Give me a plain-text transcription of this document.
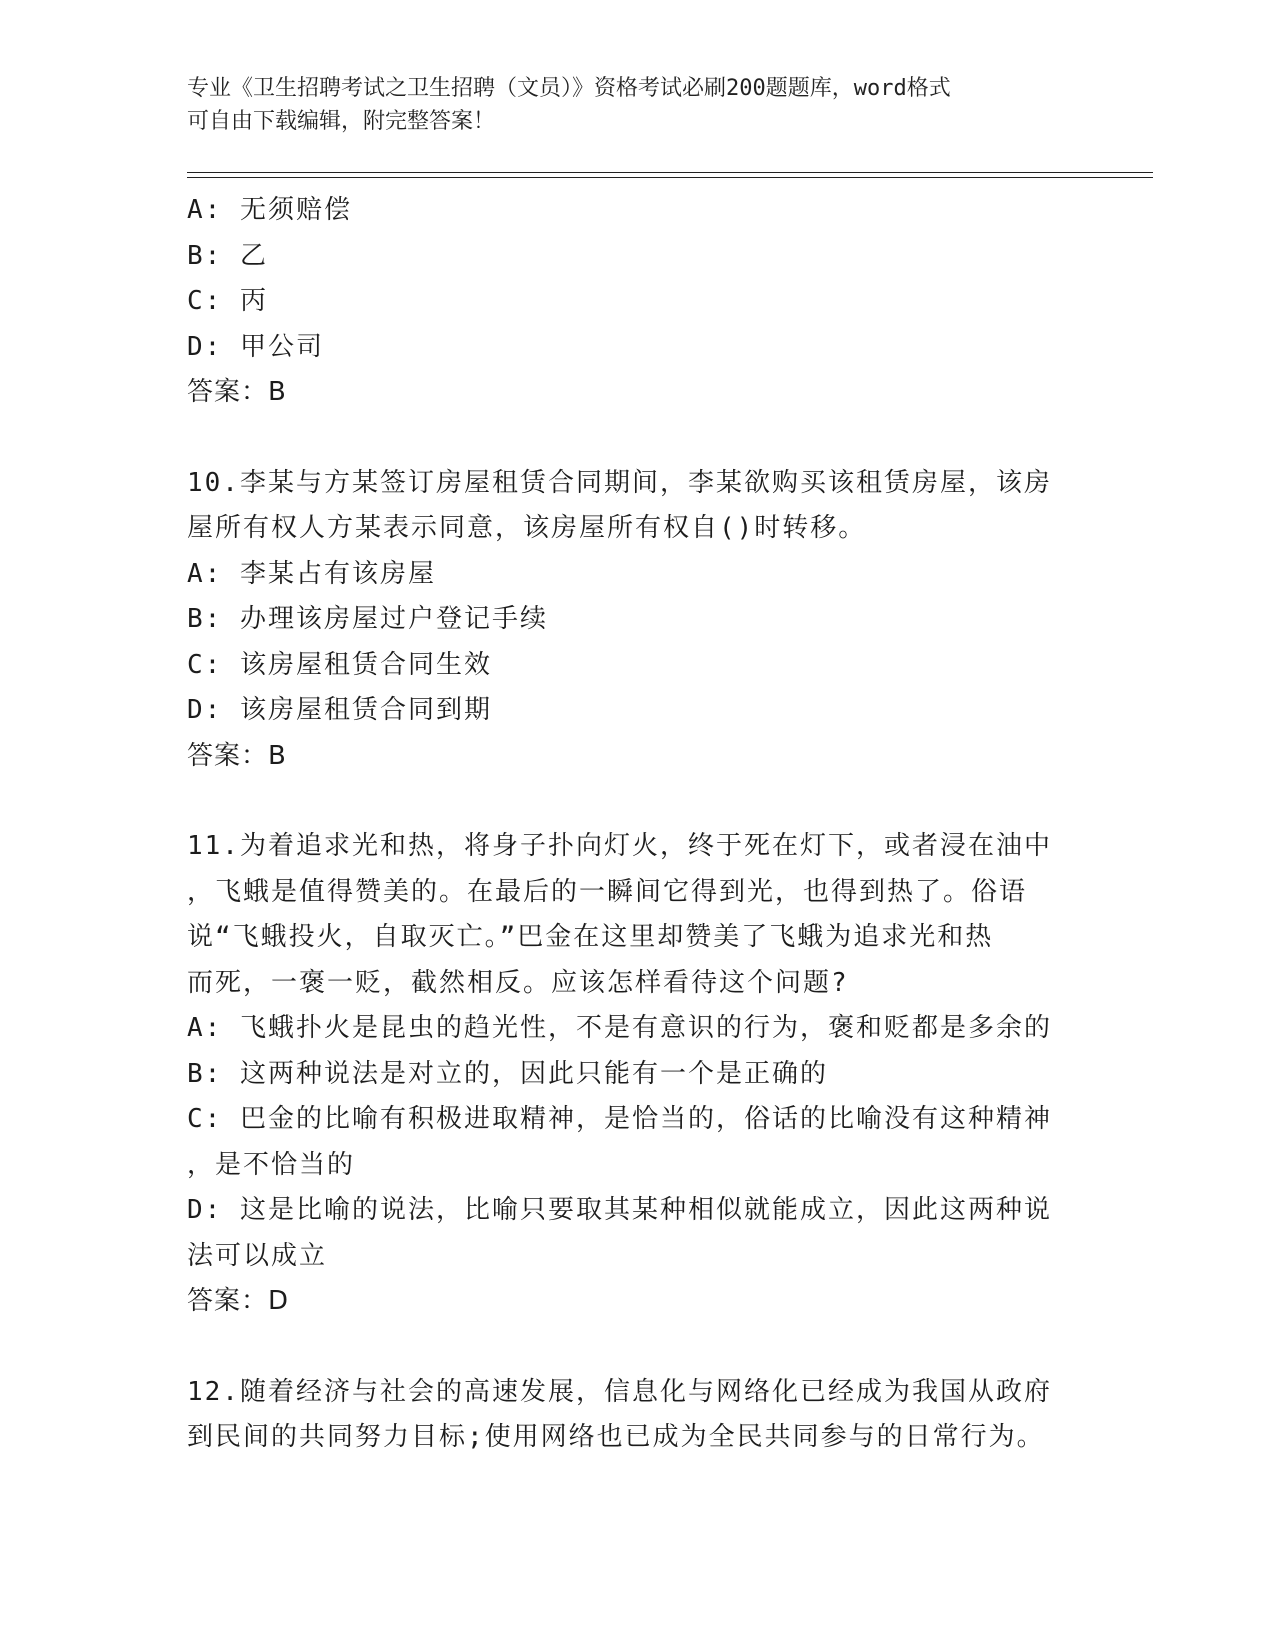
专业《卫生招聘考试之卫生招聘（文员）》资格考试必刷200题题库，word格式
可自由下载编辑，附完整答案！
A: 无须赔偿
B: 乙
C: 丙
D: 甲公司
答案：B
10.李某与方某签订房屋租赁合同期间，李某欲购买该租赁房屋，该房
屋所有权人方某表示同意，该房屋所有权自()时转移。
A: 李某占有该房屋
B: 办理该房屋过户登记手续
C: 该房屋租赁合同生效
D: 该房屋租赁合同到期
答案：B
11.为着追求光和热，将身子扑向灯火，终于死在灯下，或者浸在油中
，飞蛾是值得赞美的。在最后的一瞬间它得到光，也得到热了。俗语
说“飞蛾投火，自取灭亡。”巴金在这里却赞美了飞蛾为追求光和热
而死，一褒一贬，截然相反。应该怎样看待这个问题?
A: 飞蛾扑火是昆虫的趋光性，不是有意识的行为，褒和贬都是多余的
B: 这两种说法是对立的，因此只能有一个是正确的
C: 巴金的比喻有积极进取精神，是恰当的，俗话的比喻没有这种精神
，是不恰当的
D: 这是比喻的说法，比喻只要取其某种相似就能成立，因此这两种说
法可以成立
答案：D
12.随着经济与社会的高速发展，信息化与网络化已经成为我国从政府
到民间的共同努力目标;使用网络也已成为全民共同参与的日常行为。
